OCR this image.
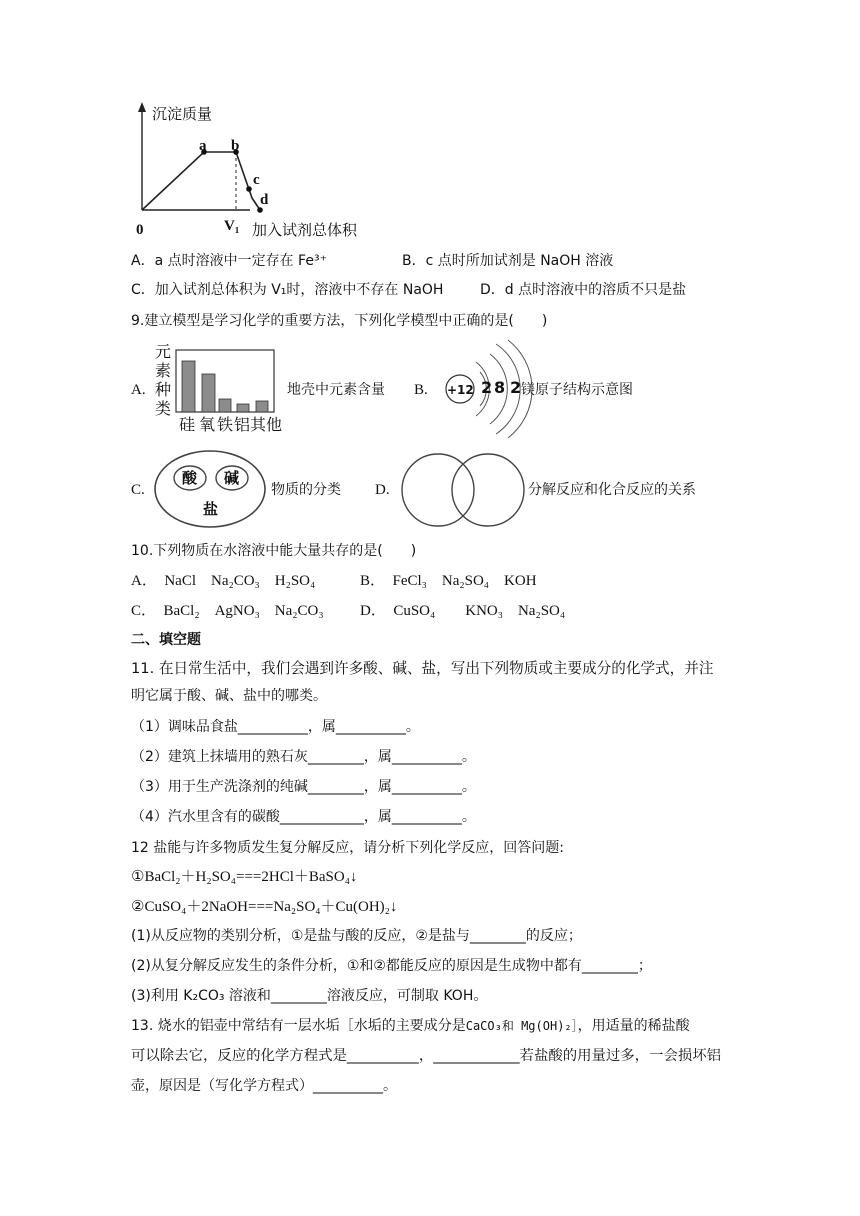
沉淀质量
a b
c
d
0	V₁ 加入试剂总体积
A．a 点时溶液中一定存在 Fe³⁺	B．c 点时所加试剂是 NaOH 溶液
C．加入试剂总体积为 V₁时，溶液中不存在 NaOH	D．d 点时溶液中的溶质不只是盐
9.建立模型是学习化学的重要方法，下列化学模型中正确的是(　　)
A.
元
素
种
类
硅 氧 铁 铝 其他
地壳中元素含量 B. +12 2 8 2 镁原子结构示意图
C.
酸 碱
盐
物质的分类 D.	分解反应和化合反应的关系
10.下列物质在水溶液中能大量共存的是(　　)
A．　NaCl　Na₂CO₃　H₂SO₄	B．　FeCl₃　Na₂SO₄　KOH
C．　BaCl₂　AgNO₃　Na₂CO₃ D．　CuSO₄　　KNO₃　Na₂SO₄
二、填空题
11. 在日常生活中，我们会遇到许多酸、碱、盐，写出下列物质或主要成分的化学式，并注
明它属于酸、碱、盐中的哪类。
（1）调味品食盐__________，属__________。
（2）建筑上抹墙用的熟石灰________，属__________。
（3）用于生产洗涤剂的纯碱________，属__________。
（4）汽水里含有的碳酸____________，属__________。
12 盐能与许多物质发生复分解反应，请分析下列化学反应，回答问题:
①BaCl₂＋H₂SO₄===2HCl＋BaSO₄↓
②CuSO₄＋2NaOH===Na₂SO₄＋Cu(OH)₂↓
(1)从反应物的类别分析，①是盐与酸的反应，②是盐与________的反应；
(2)从复分解反应发生的条件分析，①和②都能反应的原因是生成物中都有________；
(3)利用 K₂CO₃ 溶液和________溶液反应，可制取 KOH。
13. 烧水的铝壶中常结有一层水垢［水垢的主要成分是CaCO₃和 Mg(OH)₂］，用适量的稀盐酸
可以除去它，反应的化学方程式是__________，____________若盐酸的用量过多，一会损坏铝
壶，原因是（写化学方程式）__________。
